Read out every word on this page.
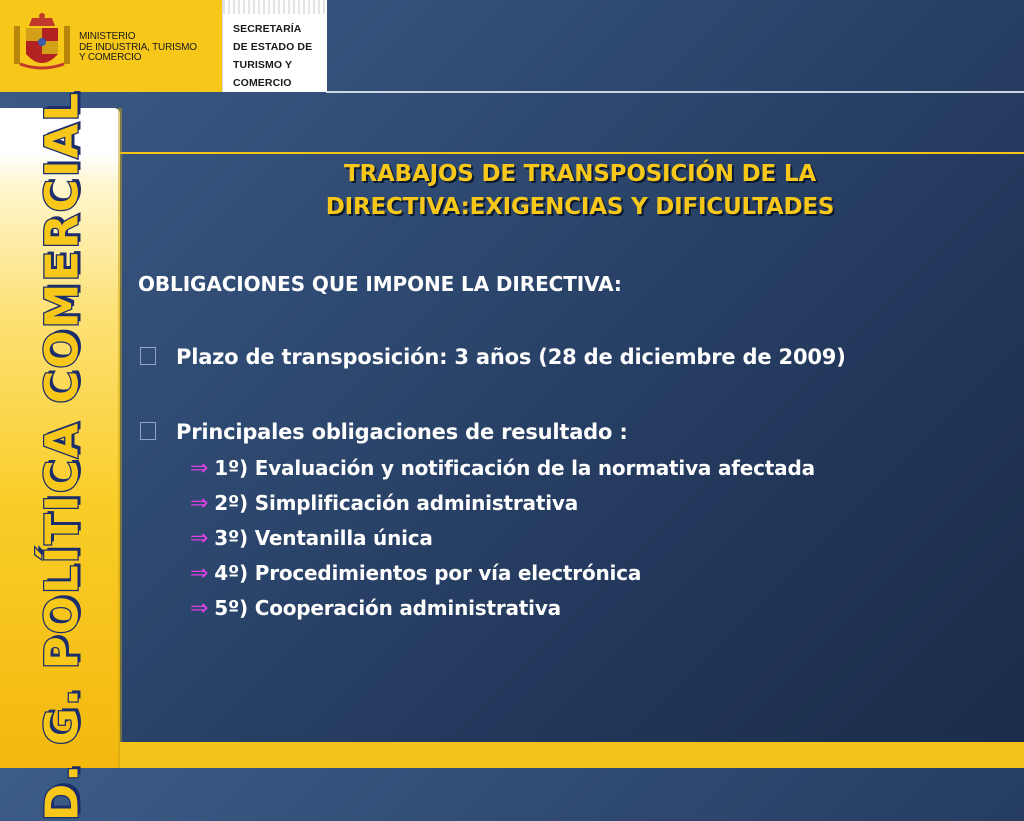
MINISTERIO
DE INDUSTRIA, TURISMO
Y COMERCIO
SECRETARÍA
DE ESTADO DE
TURISMO Y
COMERCIO
D. G. POLÍTICA COMERCIAL	TRABAJOS DE TRANSPOSICIÓN DE LA
DIRECTIVA:EXIGENCIAS Y DIFICULTADES
OBLIGACIONES QUE IMPONE LA DIRECTIVA:
Plazo de transposición: 3 años (28 de diciembre de 2009)
Principales obligaciones de resultado :
⇒ 1º) Evaluación y notificación de la normativa afectada
⇒ 2º) Simplificación administrativa
⇒ 3º) Ventanilla única
⇒ 4º) Procedimientos por vía electrónica
⇒ 5º) Cooperación administrativa
